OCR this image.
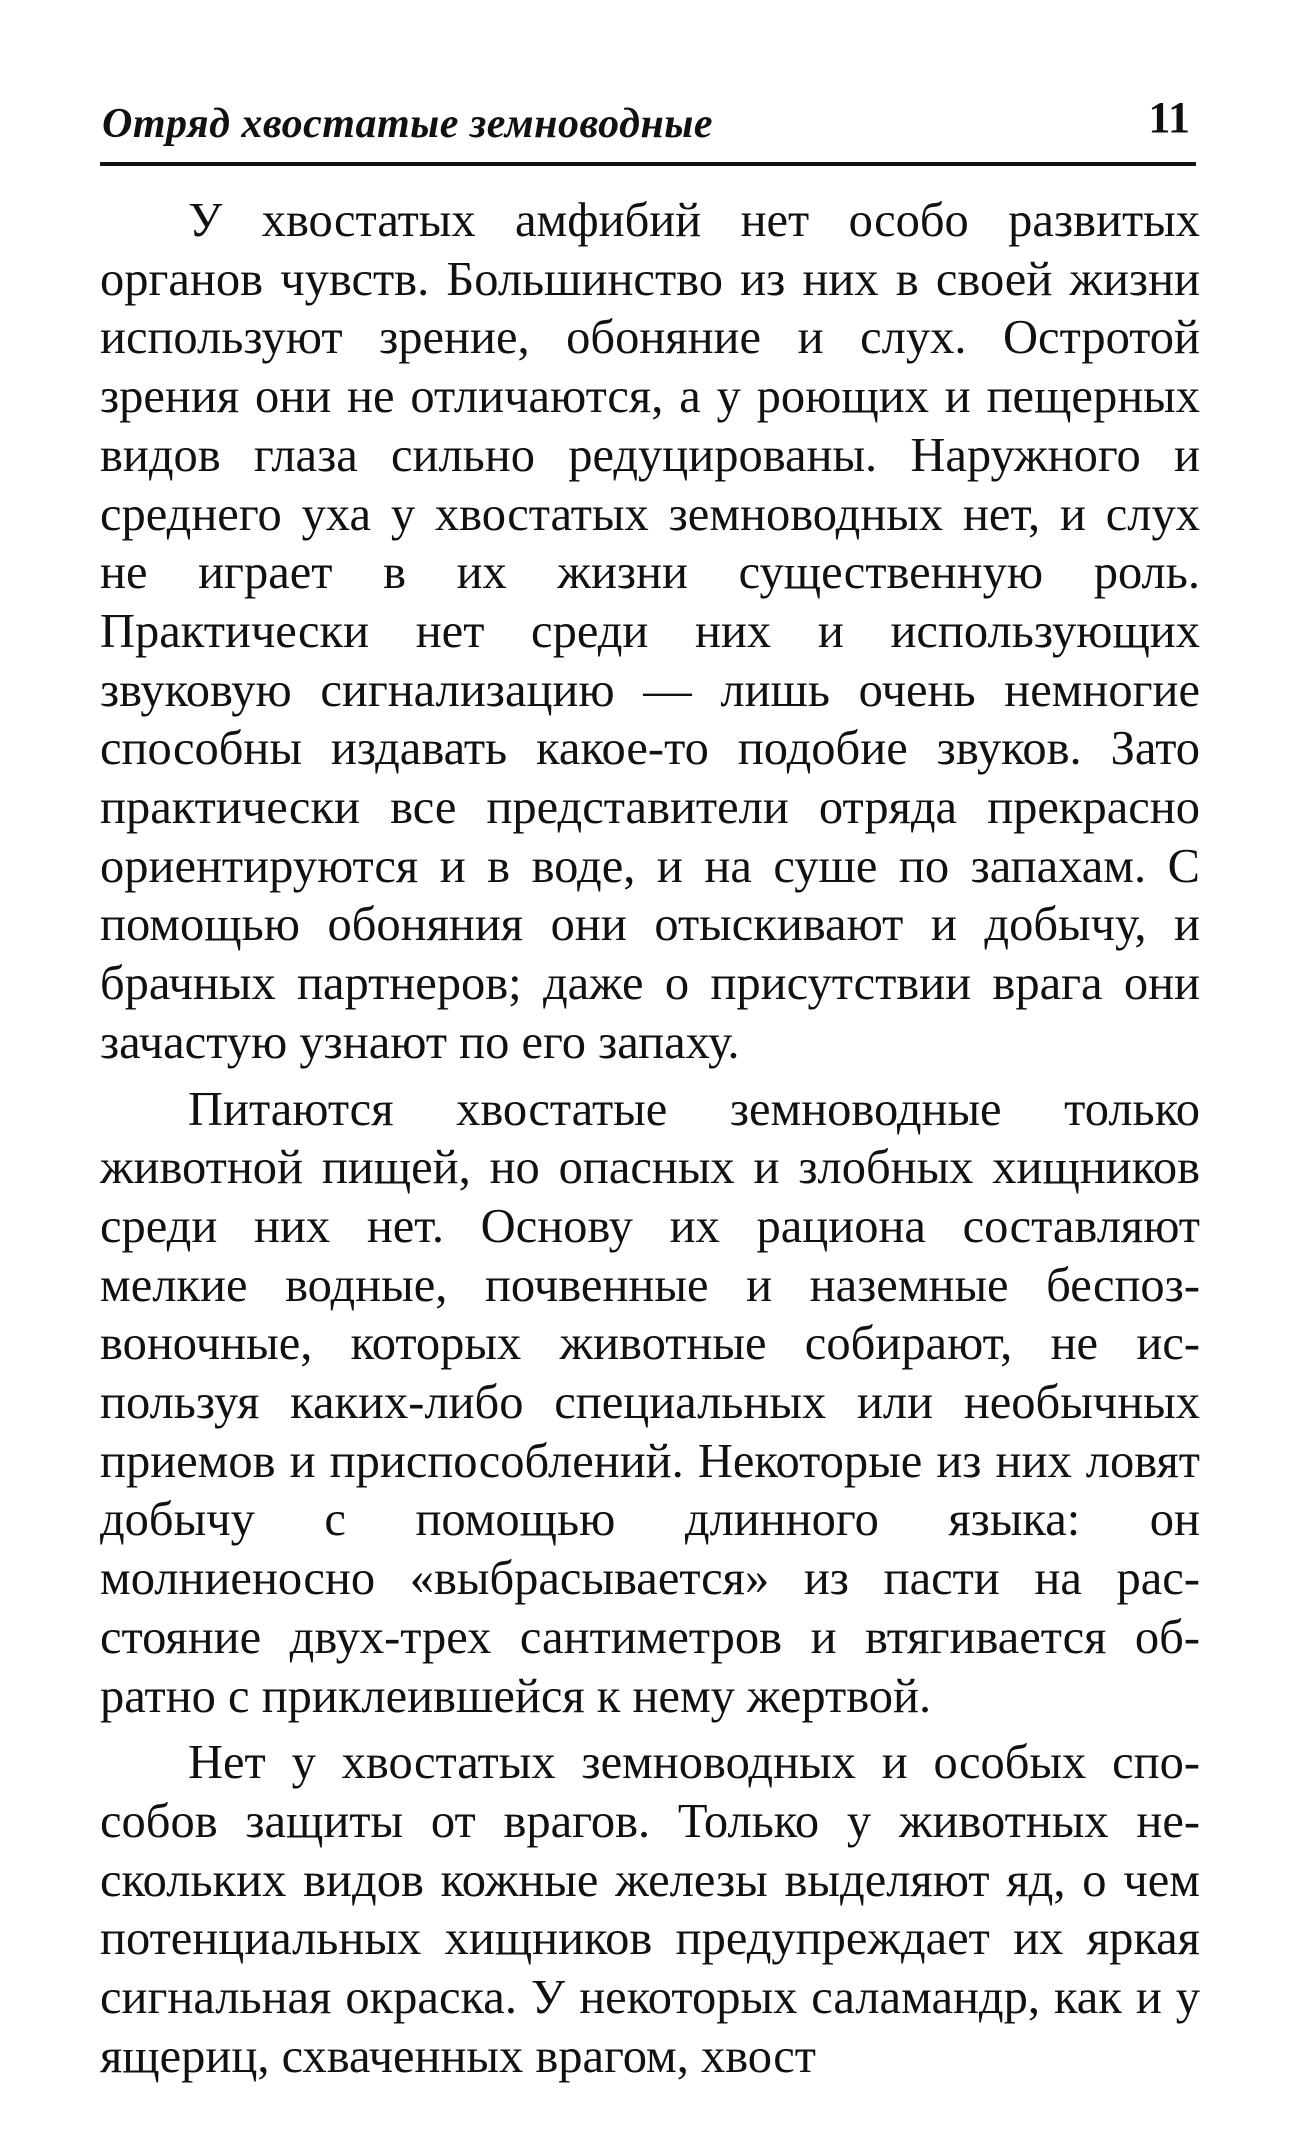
Отряд хвостатые земноводные	11

У хвостатых амфибий нет особо развитых органов чувств. Большинство из них в своей жизни используют зрение, обоняние и слух. Остротой зрения они не отличаются, а у роющих и пещерных видов глаза сильно редуцированы. Наружного и среднего уха у хвостатых земноводных нет, и слух не играет в их жизни существенную роль. Практически нет среди них и использующих звуковую сигнализацию — лишь очень немногие способны издавать какое-то подобие звуков. Зато практически все представители отряда прекрасно ориентируются и в воде, и на суше по запахам. С помощью обоняния они отыскивают и добычу, и брачных партнеров; даже о присутствии врага они зачастую узнают по его запаху.

Питаются хвостатые земноводные только животной пищей, но опасных и злобных хищников среди них нет. Основу их рациона составляют мелкие водные, почвенные и наземные беспозвоночные, которых животные собирают, не используя каких-либо специальных или необычных приемов и приспособлений. Некоторые из них ловят добычу с помощью длинного языка: он молниеносно «выбрасывается» из пасти на расстояние двух-трех сантиметров и втягивается обратно с приклеившейся к нему жертвой.

Нет у хвостатых земноводных и особых способов защиты от врагов. Только у животных нескольких видов кожные железы выделяют яд, о чем потенциальных хищников предупреждает их яркая сигнальная окраска. У некоторых саламандр, как и у ящериц, схваченных врагом, хвост
